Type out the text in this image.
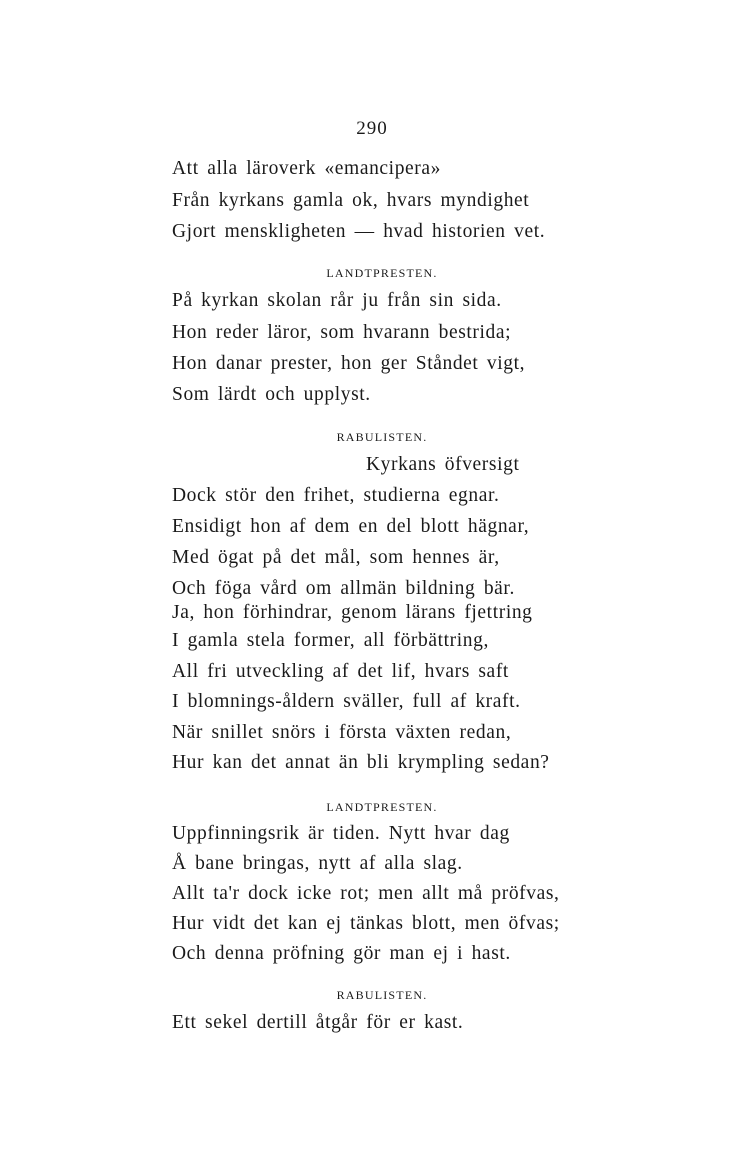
290
Att alla läroverk «emancipera»
Från kyrkans gamla ok, hvars myndighet
Gjort menskligheten — hvad historien vet.
LANDTPRESTEN.
På kyrkan skolan rår ju från sin sida.
Hon reder läror, som hvarann bestrida;
Hon danar prester, hon ger Ståndet vigt,
Som lärdt och upplyst.
RABULISTEN.
Kyrkans öfversigt
Dock stör den frihet, studierna egnar.
Ensidigt hon af dem en del blott hägnar,
Med ögat på det mål, som hennes är,
Och föga vård om allmän bildning bär.
Ja, hon förhindrar, genom lärans fjettring
I gamla stela former, all förbättring,
All fri utveckling af det lif, hvars saft
I blomnings-åldern sväller, full af kraft.
När snillet snörs i första växten redan,
Hur kan det annat än bli krympling sedan?
LANDTPRESTEN.
Uppfinningsrik är tiden. Nytt hvar dag
Å bane bringas, nytt af alla slag.
Allt ta'r dock icke rot; men allt må pröfvas,
Hur vidt det kan ej tänkas blott, men öfvas;
Och denna pröfning gör man ej i hast.
RABULISTEN.
Ett sekel dertill åtgår för er kast.
